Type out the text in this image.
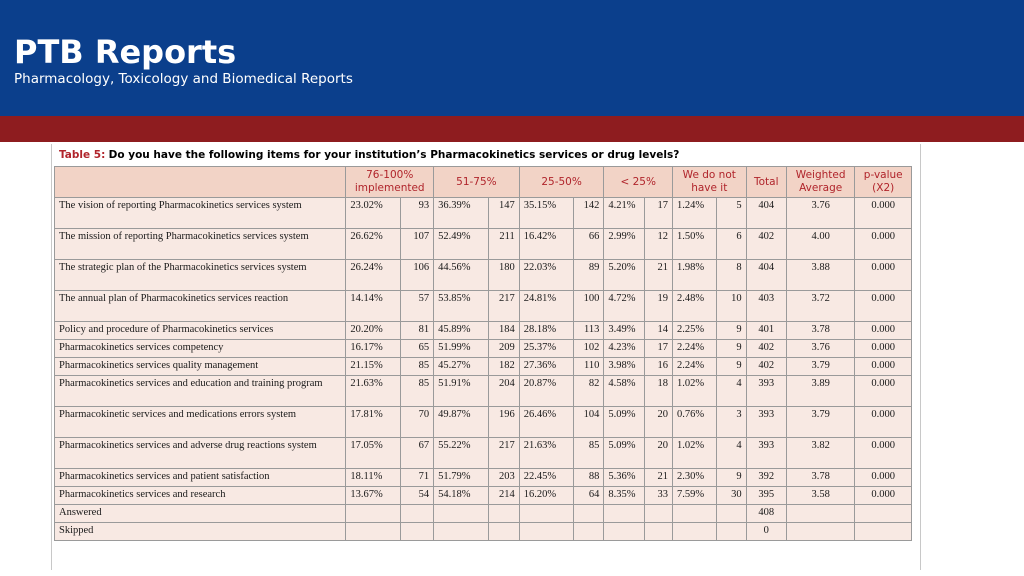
PTB Reports
Pharmacology, Toxicology and Biomedical Reports
Table 5: Do you have the following items for your institution’s Pharmacokinetics services or drug levels?
	76-100% implemented		51-75%		25-50%		< 25%		We do not have it		Total	Weighted Average	p-value (X2)
The vision of reporting Pharmacokinetics services system	23.02%	93	36.39%	147	35.15%	142	4.21%	17	1.24%	5	404	3.76	0.000
The mission of reporting Pharmacokinetics services system	26.62%	107	52.49%	211	16.42%	66	2.99%	12	1.50%	6	402	4.00	0.000
The strategic plan of the Pharmacokinetics services system	26.24%	106	44.56%	180	22.03%	89	5.20%	21	1.98%	8	404	3.88	0.000
The annual plan of Pharmacokinetics services reaction	14.14%	57	53.85%	217	24.81%	100	4.72%	19	2.48%	10	403	3.72	0.000
Policy and procedure of Pharmacokinetics services	20.20%	81	45.89%	184	28.18%	113	3.49%	14	2.25%	9	401	3.78	0.000
Pharmacokinetics services competency	16.17%	65	51.99%	209	25.37%	102	4.23%	17	2.24%	9	402	3.76	0.000
Pharmacokinetics services quality management	21.15%	85	45.27%	182	27.36%	110	3.98%	16	2.24%	9	402	3.79	0.000
Pharmacokinetics services and education and training program	21.63%	85	51.91%	204	20.87%	82	4.58%	18	1.02%	4	393	3.89	0.000
Pharmacokinetic services and medications errors system	17.81%	70	49.87%	196	26.46%	104	5.09%	20	0.76%	3	393	3.79	0.000
Pharmacokinetics services and adverse drug reactions system	17.05%	67	55.22%	217	21.63%	85	5.09%	20	1.02%	4	393	3.82	0.000
Pharmacokinetics services and patient satisfaction	18.11%	71	51.79%	203	22.45%	88	5.36%	21	2.30%	9	392	3.78	0.000
Pharmacokinetics services and research	13.67%	54	54.18%	214	16.20%	64	8.35%	33	7.59%	30	395	3.58	0.000
Answered											408		
Skipped											0		
